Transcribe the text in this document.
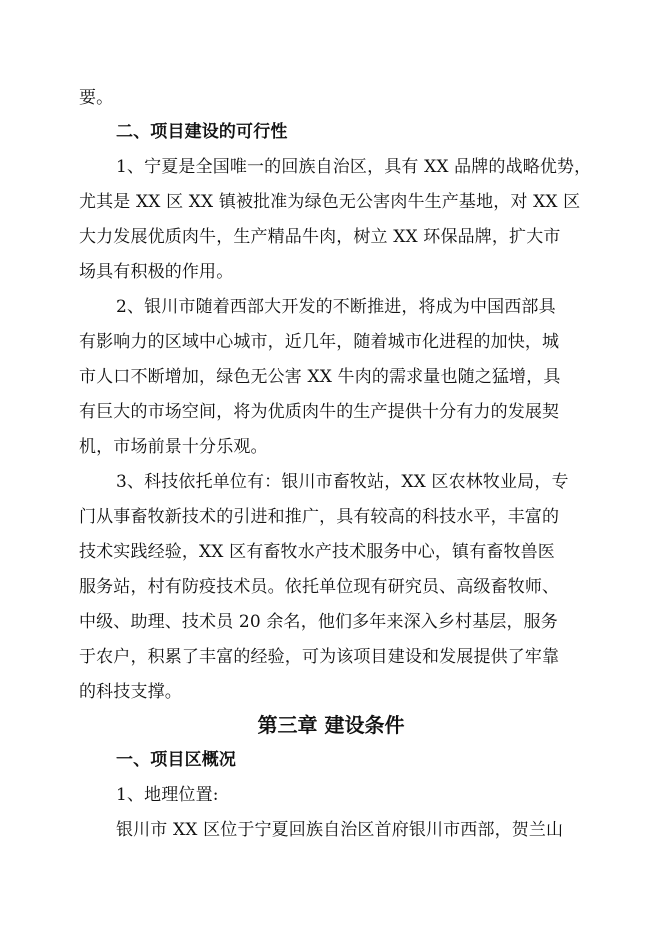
要。
二、项目建设的可行性
1、宁夏是全国唯一的回族自治区，具有 XX 品牌的战略优势，
尤其是 XX 区 XX 镇被批准为绿色无公害肉牛生产基地，对 XX 区
大力发展优质肉牛，生产精品牛肉，树立 XX 环保品牌，扩大市
场具有积极的作用。
2、银川市随着西部大开发的不断推进，将成为中国西部具
有影响力的区域中心城市，近几年，随着城市化进程的加快，城
市人口不断增加，绿色无公害 XX 牛肉的需求量也随之猛增，具
有巨大的市场空间，将为优质肉牛的生产提供十分有力的发展契
机，市场前景十分乐观。
3、科技依托单位有：银川市畜牧站，XX 区农林牧业局，专
门从事畜牧新技术的引进和推广，具有较高的科技水平，丰富的
技术实践经验，XX 区有畜牧水产技术服务中心，镇有畜牧兽医
服务站，村有防疫技术员。依托单位现有研究员、高级畜牧师、
中级、助理、技术员 20 余名，他们多年来深入乡村基层，服务
于农户，积累了丰富的经验，可为该项目建设和发展提供了牢靠
的科技支撑。
第三章 建设条件
一、项目区概况
1、地理位置:
银川市 XX 区位于宁夏回族自治区首府银川市西部，贺兰山
